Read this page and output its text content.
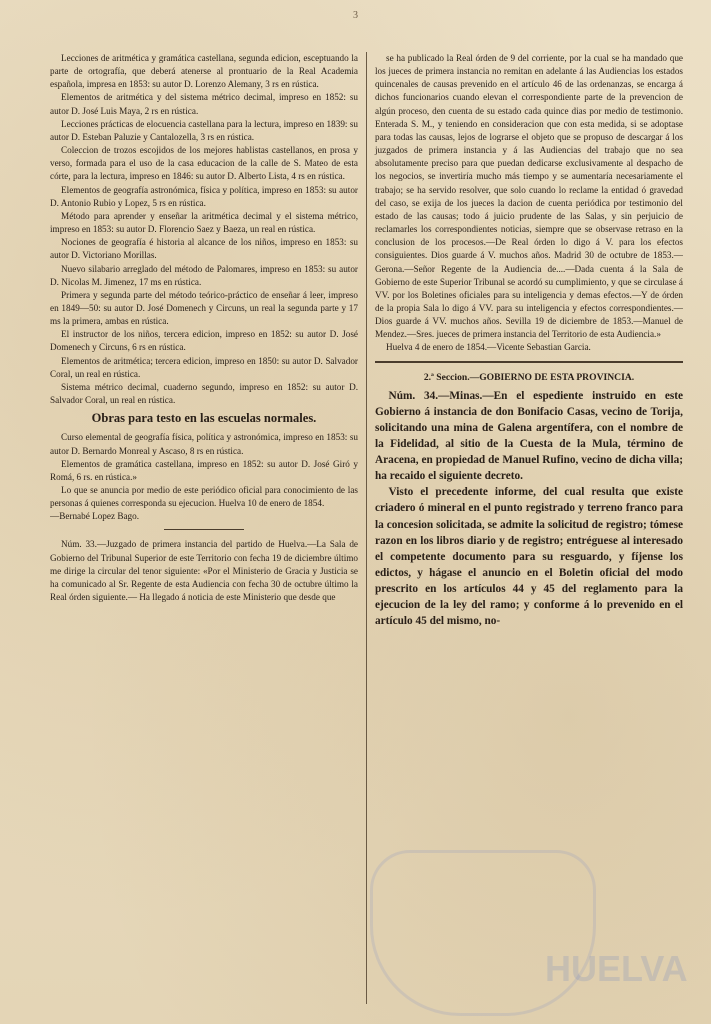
3

Lecciones de aritmética y gramática castellana, segunda edicion, esceptuando la parte de ortografía, que deberá atenerse al prontuario de la Real Academia española, impresa en 1853: su autor D. Lorenzo Alemany, 3 rs en rústica.

Elementos de aritmética y del sistema métrico decimal, impreso en 1852: su autor D. José Luis Maya, 2 rs en rústica.

Lecciones prácticas de elocuencia castellana para la lectura, impreso en 1839: su autor D. Esteban Paluzie y Cantalozella, 3 rs en rústica.

Coleccion de trozos escojidos de los mejores hablistas castellanos, en prosa y verso, formada para el uso de la casa educacion de la calle de S. Mateo de esta córte, para la lectura, impreso en 1846: su autor D. Alberto Lista, 4 rs en rústica.

Elementos de geografía astronómica, física y política, impreso en 1853: su autor D. Antonio Rubio y Lopez, 5 rs en rústica.

Método para aprender y enseñar la aritmética decimal y el sistema métrico, impreso en 1853: su autor D. Florencio Saez y Baeza, un real en rústica.

Nociones de geografía é historia al alcance de los niños, impreso en 1853: su autor D. Victoriano Morillas.

Nuevo silabario arreglado del método de Palomares, impreso en 1853: su autor D. Nicolas M. Jimenez, 17 ms en rústica.

Primera y segunda parte del método teórico-práctico de enseñar á leer, impreso en 1849—50: su autor D. José Domenech y Circuns, un real la segunda parte y 17 ms la primera, ambas en rústica.

El instructor de los niños, tercera edicion, impreso en 1852: su autor D. José Domenech y Circuns, 6 rs en rústica.

Elementos de aritmética; tercera edicion, impreso en 1850: su autor D. Salvador Coral, un real en rústica.

Sistema métrico decimal, cuaderno segundo, impreso en 1852: su autor D. Salvador Coral, un real en rústica.

Obras para testo en las escuelas normales.

Curso elemental de geografía física, política y astronómica, impreso en 1853: su autor D. Bernardo Monreal y Ascaso, 8 rs en rústica.

Elementos de gramática castellana, impreso en 1852: su autor D. José Giró y Romá, 6 rs. en rústica.»

Lo que se anuncia por medio de este periódico oficial para conocimiento de las personas á quienes corresponda su ejecucion. Huelva 10 de enero de 1854.

—Bernabé Lopez Bago.

Núm. 33.—Juzgado de primera instancia del partido de Huelva.—La Sala de Gobierno del Tribunal Superior de este Territorio con fecha 19 de diciembre último me dirige la circular del tenor siguiente: «Por el Ministerio de Gracia y Justicia se ha comunicado al Sr. Regente de esta Audiencia con fecha 30 de octubre último la Real órden siguiente.— Ha llegado á noticia de este Ministerio que desde que

se ha publicado la Real órden de 9 del corriente, por la cual se ha mandado que los jueces de primera instancia no remitan en adelante á las Audiencias los estados quincenales de causas prevenido en el artículo 46 de las ordenanzas, se encarga á dichos funcionarios cuando elevan el correspondiente parte de la prevencion de algún proceso, den cuenta de su estado cada quince dias por medio de testimonio. Enterada S. M., y teniendo en consideracion que con esta medida, si se adoptase para todas las causas, lejos de lograrse el objeto que se propuso de descargar á los juzgados de primera instancia y á las Audiencias del trabajo que no sea absolutamente preciso para que puedan dedicarse exclusivamente al despacho de los negocios, se invertiría mucho más tiempo y se aumentaría necesariamente el trabajo; se ha servido resolver, que solo cuando lo reclame la entidad ó gravedad del caso, se exija de los jueces la dacion de cuenta periódica por testimonio del estado de las causas; todo á juicio prudente de las Salas, y sin perjuicio de reclamarles los correspondientes noticias, siempre que se observase retraso en la conclusion de los procesos.—De Real órden lo digo á V. para los efectos consiguientes. Dios guarde á V. muchos años. Madrid 30 de octubre de 1853.—Gerona.—Señor Regente de la Audiencia de....—Dada cuenta á la Sala de Gobierno de este Superior Tribunal se acordó su cumplimiento, y que se circulase á VV. por los Boletines oficiales para su inteligencia y demas efectos.—Y de órden de la propia Sala lo digo á VV. para su inteligencia y efectos correspondientes.— Dios guarde á VV. muchos años. Sevilla 19 de diciembre de 1853.—Manuel de Mendez.—Sres. jueces de primera instancia del Territorio de esta Audiencia.»

Huelva 4 de enero de 1854.—Vicente Sebastian Garcia.

2.ª Seccion.—GOBIERNO DE ESTA PROVINCIA.

Núm. 34.—Minas.—En el espediente instruido en este Gobierno á instancia de don Bonifacio Casas, vecino de Torija, solicitando una mina de Galena argentífera, con el nombre de la Fidelidad, al sitio de la Cuesta de la Mula, término de Aracena, en propiedad de Manuel Rufino, vecino de dicha villa; ha recaido el siguiente decreto.

Visto el precedente informe, del cual resulta que existe criadero ó mineral en el punto registrado y terreno franco para la concesion solicitada, se admite la solicitud de registro; tómese razon en los libros diario y de registro; entréguese al interesado el competente documento para su resguardo, y fíjense los edictos, y hágase el anuncio en el Boletin oficial del modo prescrito en los artículos 44 y 45 del reglamento para la ejecucion de la ley del ramo; y conforme á lo prevenido en el artículo 45 del mismo, no-

HUELVA
